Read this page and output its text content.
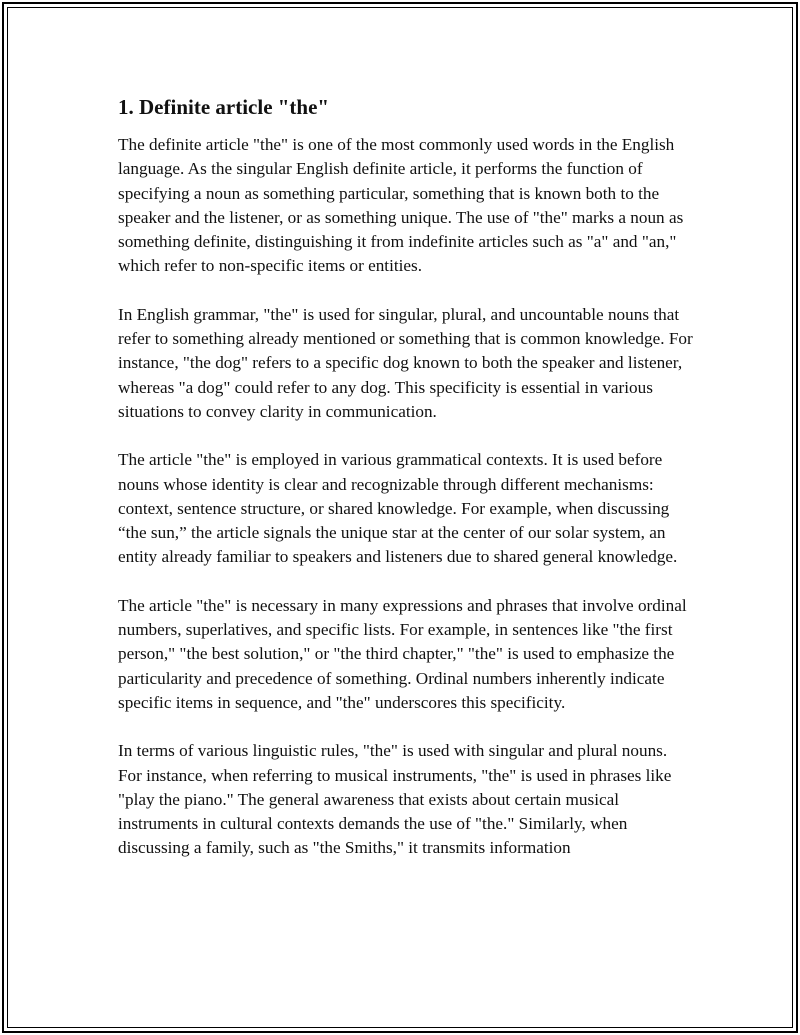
1. Definite article "the"

The definite article "the" is one of the most commonly used words in the English language. As the singular English definite article, it performs the function of specifying a noun as something particular, something that is known both to the speaker and the listener, or as something unique. The use of "the" marks a noun as something definite, distinguishing it from indefinite articles such as "a" and "an," which refer to non-specific items or entities.

In English grammar, "the" is used for singular, plural, and uncountable nouns that refer to something already mentioned or something that is common knowledge. For instance, "the dog" refers to a specific dog known to both the speaker and listener, whereas "a dog" could refer to any dog. This specificity is essential in various situations to convey clarity in communication.

The article "the" is employed in various grammatical contexts. It is used before nouns whose identity is clear and recognizable through different mechanisms: context, sentence structure, or shared knowledge. For example, when discussing “the sun,” the article signals the unique star at the center of our solar system, an entity already familiar to speakers and listeners due to shared general knowledge.

The article "the" is necessary in many expressions and phrases that involve ordinal numbers, superlatives, and specific lists. For example, in sentences like "the first person," "the best solution," or "the third chapter," "the" is used to emphasize the particularity and precedence of something. Ordinal numbers inherently indicate specific items in sequence, and "the" underscores this specificity.

In terms of various linguistic rules, "the" is used with singular and plural nouns. For instance, when referring to musical instruments, "the" is used in phrases like "play the piano." The general awareness that exists about certain musical instruments in cultural contexts demands the use of "the." Similarly, when discussing a family, such as "the Smiths," it transmits information
